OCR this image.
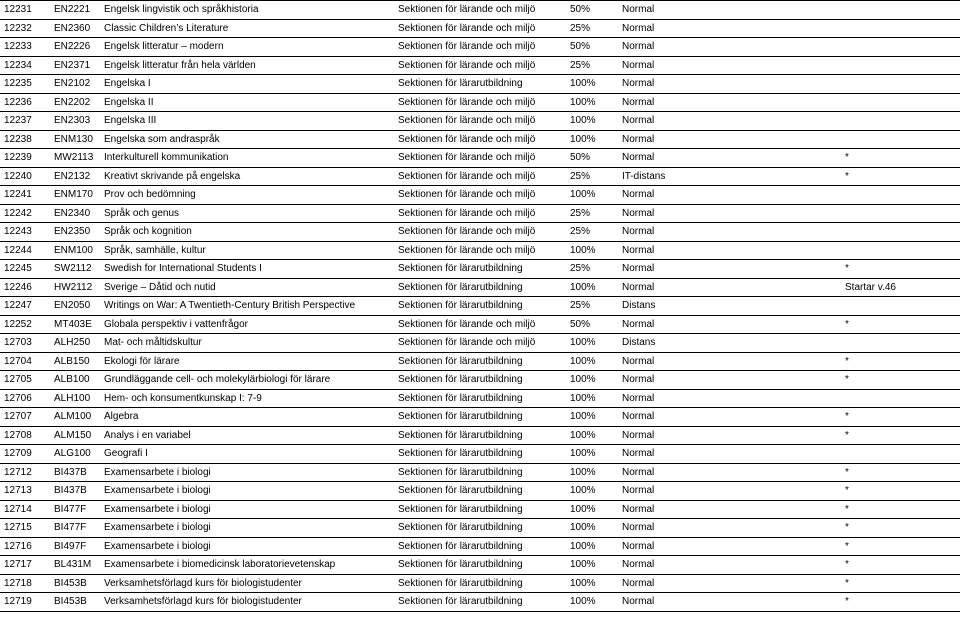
12231	EN2221	Engelsk lingvistik och språkhistoria	Sektionen för lärande och miljö	50%	Normal	
12232	EN2360	Classic Children’s Literature	Sektionen för lärande och miljö	25%	Normal	
12233	EN2226	Engelsk litteratur – modern	Sektionen för lärande och miljö	50%	Normal	
12234	EN2371	Engelsk litteratur från hela världen	Sektionen för lärande och miljö	25%	Normal	
12235	EN2102	Engelska I	Sektionen för lärarutbildning	100%	Normal	
12236	EN2202	Engelska II	Sektionen för lärande och miljö	100%	Normal	
12237	EN2303	Engelska III	Sektionen för lärande och miljö	100%	Normal	
12238	ENM130	Engelska som andraspråk	Sektionen för lärande och miljö	100%	Normal	
12239	MW2113	Interkulturell kommunikation	Sektionen för lärande och miljö	50%	Normal	*
12240	EN2132	Kreativt skrivande på engelska	Sektionen för lärande och miljö	25%	IT-distans	*
12241	ENM170	Prov och bedömning	Sektionen för lärande och miljö	100%	Normal	
12242	EN2340	Språk och genus	Sektionen för lärande och miljö	25%	Normal	
12243	EN2350	Språk och kognition	Sektionen för lärande och miljö	25%	Normal	
12244	ENM100	Språk, samhälle, kultur	Sektionen för lärande och miljö	100%	Normal	
12245	SW2112	Swedish for International Students I	Sektionen för lärarutbildning	25%	Normal	*
12246	HW2112	Sverige – Dåtid och nutid	Sektionen för lärarutbildning	100%	Normal	Startar v.46
12247	EN2050	Writings on War: A Twentieth-Century British Perspective	Sektionen för lärarutbildning	25%	Distans	
12252	MT403E	Globala perspektiv i vattenfrågor	Sektionen för lärande och miljö	50%	Normal	*
12703	ALH250	Mat- och måltidskultur	Sektionen för lärande och miljö	100%	Distans	
12704	ALB150	Ekologi för lärare	Sektionen för lärarutbildning	100%	Normal	*
12705	ALB100	Grundläggande cell- och molekylärbiologi för lärare	Sektionen för lärarutbildning	100%	Normal	*
12706	ALH100	Hem- och konsumentkunskap I: 7-9	Sektionen för lärarutbildning	100%	Normal	
12707	ALM100	Algebra	Sektionen för lärarutbildning	100%	Normal	*
12708	ALM150	Analys i en variabel	Sektionen för lärarutbildning	100%	Normal	*
12709	ALG100	Geografi I	Sektionen för lärarutbildning	100%	Normal	
12712	BI437B	Examensarbete i biologi	Sektionen för lärarutbildning	100%	Normal	*
12713	BI437B	Examensarbete i biologi	Sektionen för lärarutbildning	100%	Normal	*
12714	BI477F	Examensarbete i biologi	Sektionen för lärarutbildning	100%	Normal	*
12715	BI477F	Examensarbete i biologi	Sektionen för lärarutbildning	100%	Normal	*
12716	BI497F	Examensarbete i biologi	Sektionen för lärarutbildning	100%	Normal	*
12717	BL431M	Examensarbete i biomedicinsk laboratorievetenskap	Sektionen för lärarutbildning	100%	Normal	*
12718	BI453B	Verksamhetsförlagd kurs för biologistudenter	Sektionen för lärarutbildning	100%	Normal	*
12719	BI453B	Verksamhetsförlagd kurs för biologistudenter	Sektionen för lärarutbildning	100%	Normal	*
